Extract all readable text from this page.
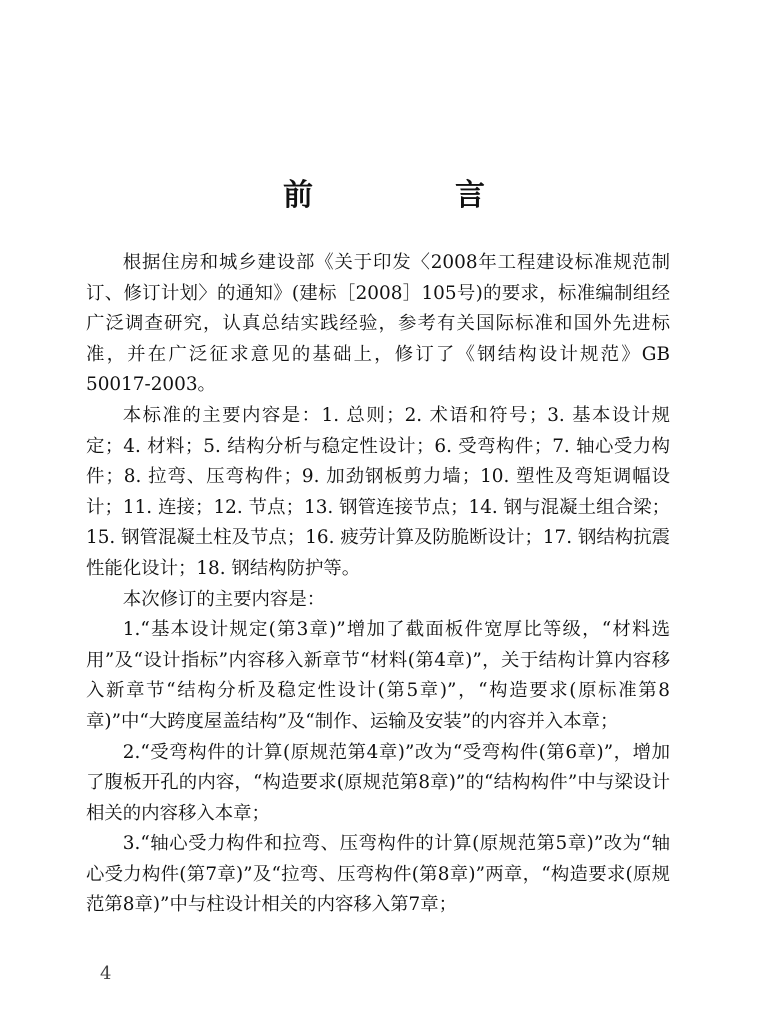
前　言

根据住房和城乡建设部《关于印发〈2008年工程建设标准规范制订、修订计划〉的通知》(建标［2008］105号)的要求，标准编制组经广泛调查研究，认真总结实践经验，参考有关国际标准和国外先进标准，并在广泛征求意见的基础上，修订了《钢结构设计规范》GB 50017-2003。

本标准的主要内容是：1. 总则；2. 术语和符号；3. 基本设计规定；4. 材料；5. 结构分析与稳定性设计；6. 受弯构件；7. 轴心受力构件；8. 拉弯、压弯构件；9. 加劲钢板剪力墙；10. 塑性及弯矩调幅设计；11. 连接；12. 节点；13. 钢管连接节点；14. 钢与混凝土组合梁；15. 钢管混凝土柱及节点；16. 疲劳计算及防脆断设计；17. 钢结构抗震性能化设计；18. 钢结构防护等。

本次修订的主要内容是：

1.“基本设计规定(第3章)”增加了截面板件宽厚比等级，“材料选用”及“设计指标”内容移入新章节“材料(第4章)”，关于结构计算内容移入新章节“结构分析及稳定性设计(第5章)”，“构造要求(原标准第8章)”中“大跨度屋盖结构”及“制作、运输及安装”的内容并入本章；

2.“受弯构件的计算(原规范第4章)”改为“受弯构件(第6章)”，增加了腹板开孔的内容，“构造要求(原规范第8章)”的“结构构件”中与梁设计相关的内容移入本章；

3.“轴心受力构件和拉弯、压弯构件的计算(原规范第5章)”改为“轴心受力构件(第7章)”及“拉弯、压弯构件(第8章)”两章，“构造要求(原规范第8章)”中与柱设计相关的内容移入第7章；

4
